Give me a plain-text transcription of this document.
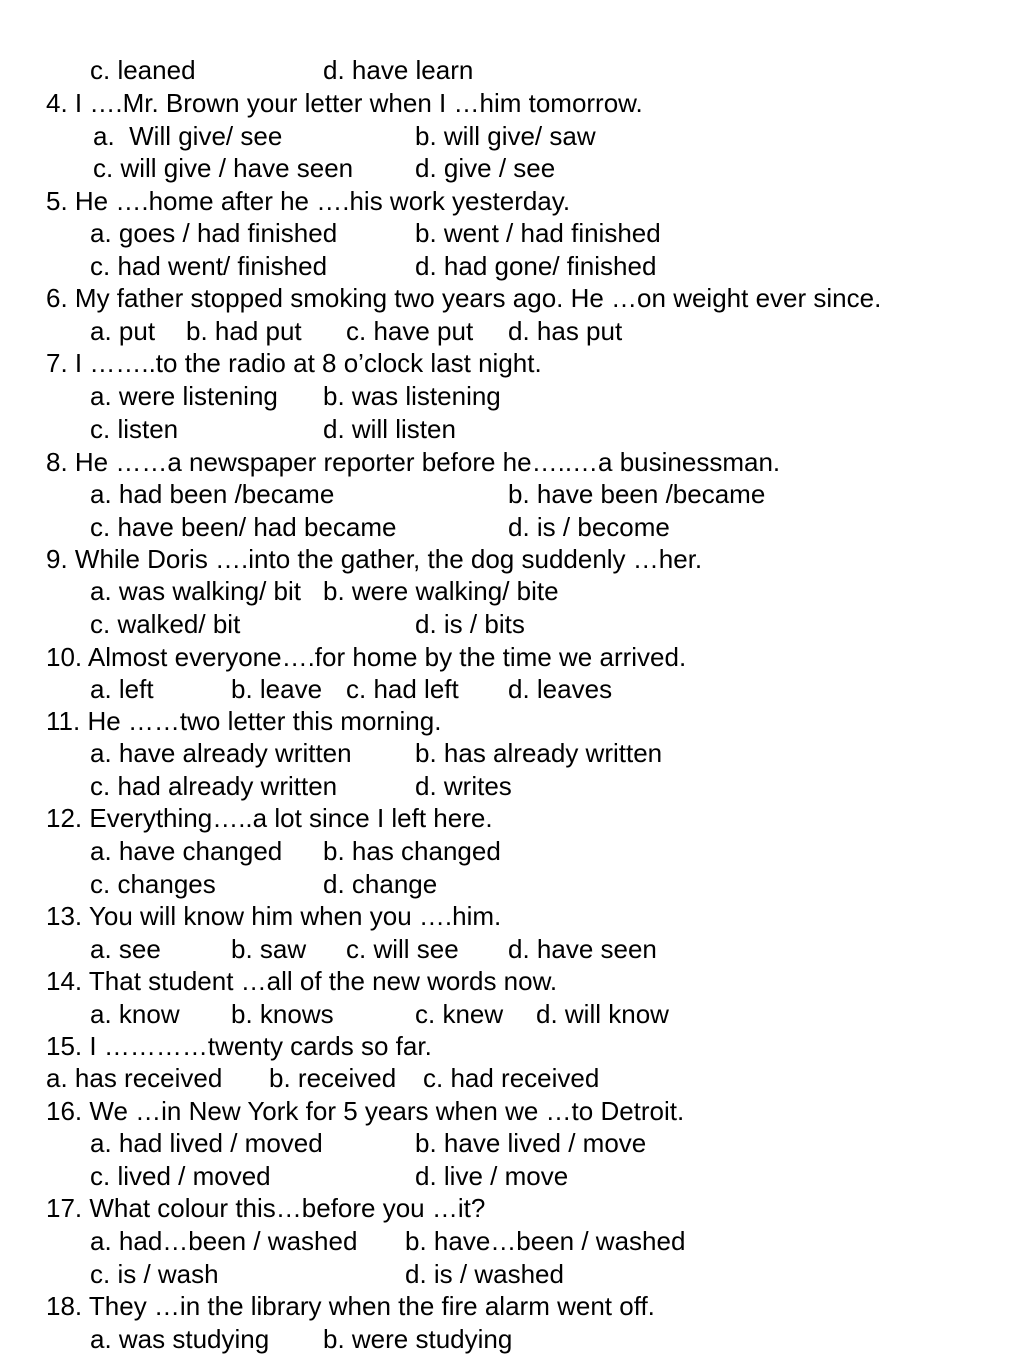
c. leaned	d. have learn
4. I ….Mr. Brown your letter when I …him tomorrow.
a.  Will give/ see	b. will give/ saw
c. will give / have seen d. give / see
5. He ….home after he ….his work yesterday.
a. goes / had finished	b. went / had finished
c. had went/ finished	d. had gone/ finished
6. My father stopped smoking two years ago. He …on weight ever since.
a. put b. had put c. have put d. has put
7. I ……..to the radio at 8 o’clock last night.
a. were listening b. was listening
c. listen	d. will listen
8. He ……a newspaper reporter before he…..…a businessman.
a. had been /became	b. have been /became
c. have been/ had became	d. is / become
9. While Doris ….into the gather, the dog suddenly …her.
a. was walking/ bit b. were walking/ bite
c. walked/ bit	d. is / bits
10. Almost everyone….for home by the time we arrived.
a. left	b. leave c. had left d. leaves
11. He ……two letter this morning.
a. have already written b. has already written
c. had already written	d. writes
12. Everything…..a lot since I left here.
a. have changed b. has changed
c. changes	d. change
13. You will know him when you ….him.
a. see	b. saw c. will see d. have seen
14. That student …all of the new words now.
a. know b. knows	c. knew d. will know
15. I …………twenty cards so far.
a. has received b. received c. had received
16. We …in New York for 5 years when we …to Detroit.
a. had lived / moved	b. have lived / move
c. lived / moved	d. live / move
17. What colour this…before you …it?
a. had…been / washed b. have…been / washed
c. is / wash	d. is / washed
18. They …in the library when the fire alarm went off.
a. was studying b. were studying
